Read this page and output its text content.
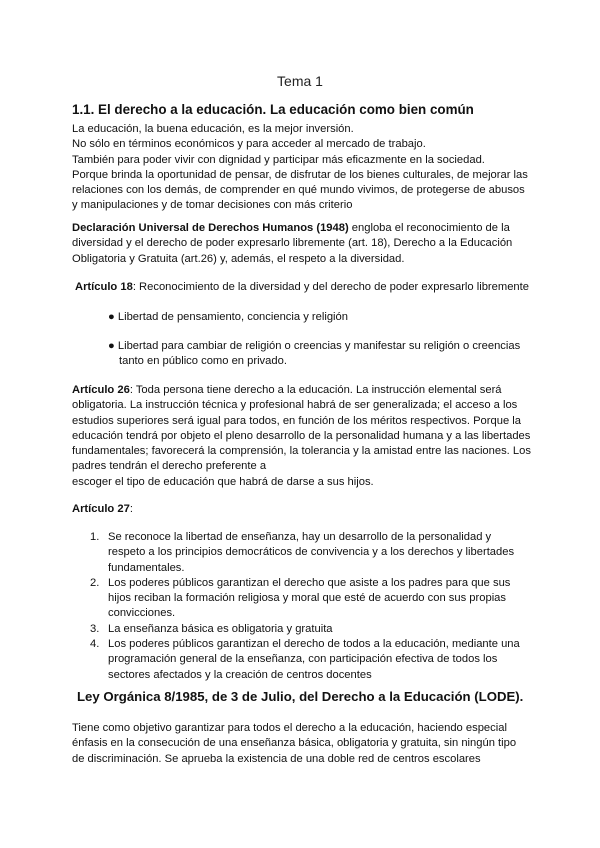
Tema 1
1.1. El derecho a la educación. La educación como bien común

La educación, la buena educación, es la mejor inversión.

No sólo en términos económicos y para acceder al mercado de trabajo.

También para poder vivir con dignidad y participar más eficazmente en la sociedad.

Porque brinda la oportunidad de pensar, de disfrutar de los bienes culturales, de mejorar las

relaciones con los demás, de comprender en qué mundo vivimos, de protegerse de abusos

y manipulaciones y de tomar decisiones con más criterio

Declaración Universal de Derechos Humanos (1948) engloba el reconocimiento de la

diversidad y el derecho de poder expresarlo libremente (art. 18), Derecho a la Educación

Obligatoria y Gratuita (art.26) y, además, el respeto a la diversidad.

Artículo 18: Reconocimiento de la diversidad y del derecho de poder expresarlo libremente

● Libertad de pensamiento, conciencia y religión

● Libertad para cambiar de religión o creencias y manifestar su religión o creencias

tanto en público como en privado.

Artículo 26: Toda persona tiene derecho a la educación. La instrucción elemental será

obligatoria. La instrucción técnica y profesional habrá de ser generalizada; el acceso a los

estudios superiores será igual para todos, en función de los méritos respectivos. Porque la

educación tendrá por objeto el pleno desarrollo de la personalidad humana y a las libertades

fundamentales; favorecerá la comprensión, la tolerancia y la amistad entre las naciones. Los

padres tendrán el derecho preferente a

escoger el tipo de educación que habrá de darse a sus hijos.

Artículo 27:

1. Se reconoce la libertad de enseñanza, hay un desarrollo de la personalidad y

respeto a los principios democráticos de convivencia y a los derechos y libertades

fundamentales.

2. Los poderes públicos garantizan el derecho que asiste a los padres para que sus

hijos reciban la formación religiosa y moral que esté de acuerdo con sus propias

convicciones.

3. La enseñanza básica es obligatoria y gratuita

4. Los poderes públicos garantizan el derecho de todos a la educación, mediante una

programación general de la enseñanza, con participación efectiva de todos los

sectores afectados y la creación de centros docentes

Ley Orgánica 8/1985, de 3 de Julio, del Derecho a la Educación (LODE).

Tiene como objetivo garantizar para todos el derecho a la educación, haciendo especial

énfasis en la consecución de una enseñanza básica, obligatoria y gratuita, sin ningún tipo

de discriminación. Se aprueba la existencia de una doble red de centros escolares
